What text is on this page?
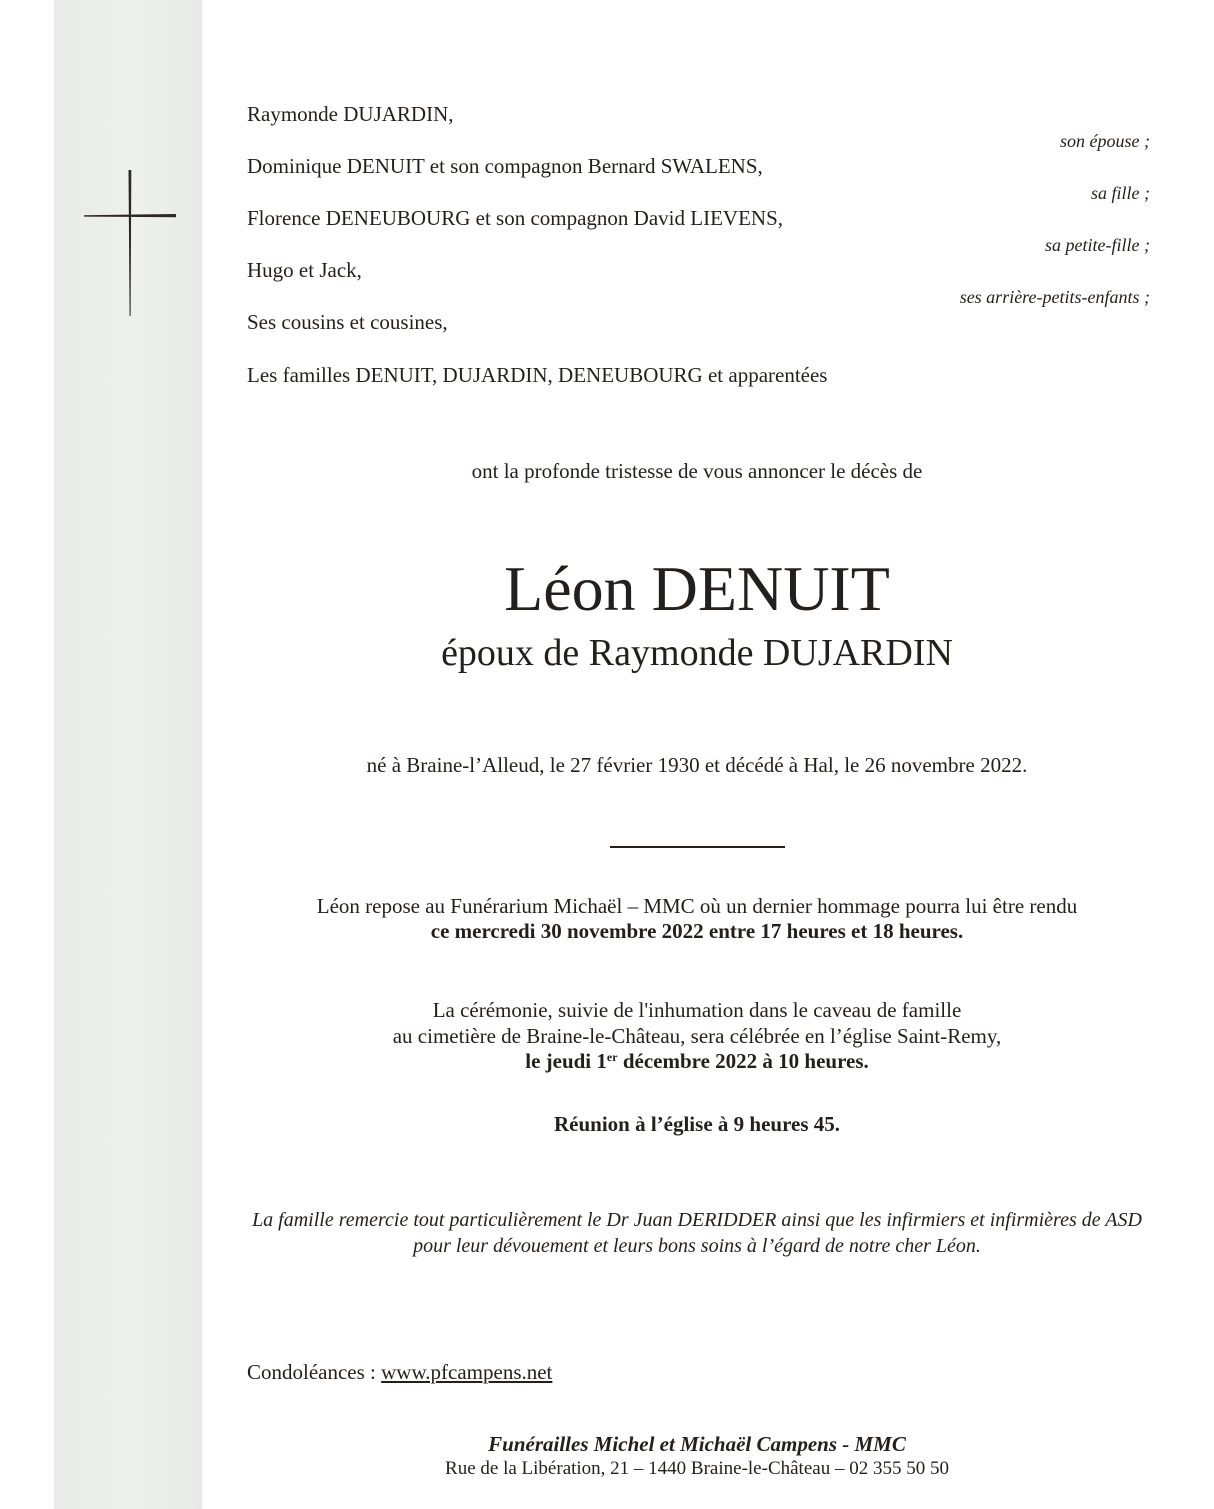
Raymonde DUJARDIN,
son épouse ;
Dominique DENUIT et son compagnon Bernard SWALENS,
sa fille ;
Florence DENEUBOURG et son compagnon David LIEVENS,
sa petite-fille ;
Hugo et Jack,
ses arrière-petits-enfants ;
Ses cousins et cousines,
Les familles DENUIT, DUJARDIN, DENEUBOURG et apparentées
ont la profonde tristesse de vous annoncer le décès de
Léon DENUIT
époux de Raymonde DUJARDIN
né à Braine-l’Alleud, le 27 février 1930 et décédé à Hal, le 26 novembre 2022.
Léon repose au Funérarium Michaël – MMC où un dernier hommage pourra lui être rendu
ce mercredi 30 novembre 2022 entre 17 heures et 18 heures.
La cérémonie, suivie de l'inhumation dans le caveau de famille
au cimetière de Braine-le-Château, sera célébrée en l’église Saint-Remy,
le jeudi 1er décembre 2022 à 10 heures.
Réunion à l’église à 9 heures 45.
La famille remercie tout particulièrement le Dr Juan DERIDDER ainsi que les infirmiers et infirmières de ASD
pour leur dévouement et leurs bons soins à l’égard de notre cher Léon.
Condoléances : www.pfcampens.net
Funérailles Michel et Michaël Campens - MMC
Rue de la Libération, 21 – 1440 Braine-le-Château – 02 355 50 50
